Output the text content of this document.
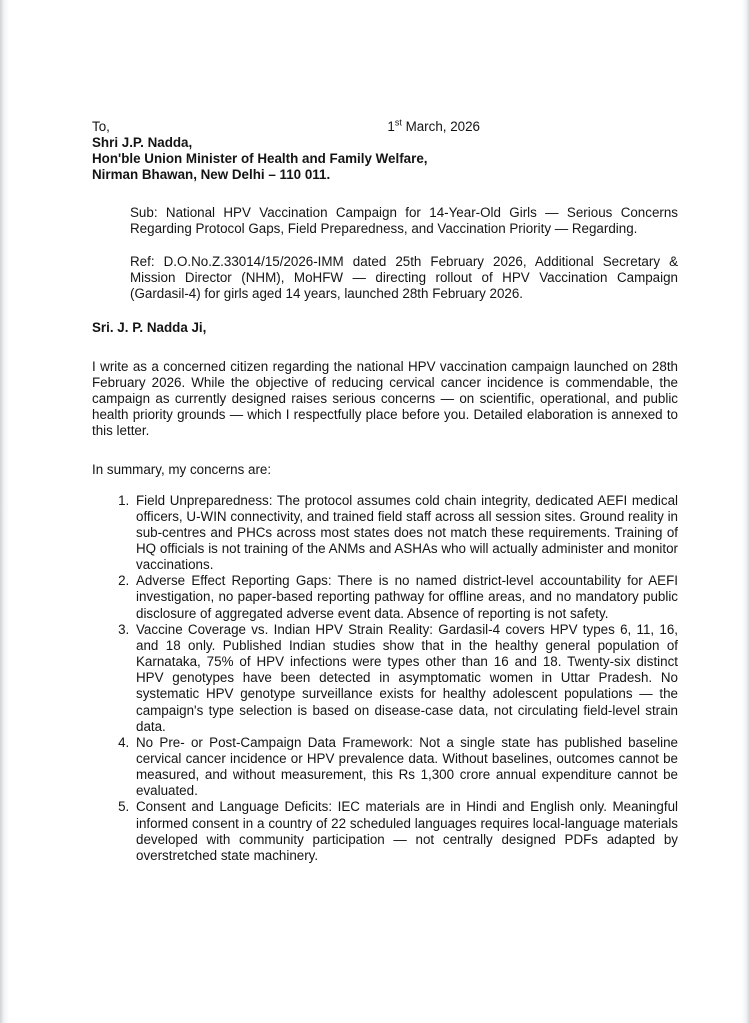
To,	1st March, 2026
Shri J.P. Nadda,
Hon'ble Union Minister of Health and Family Welfare,
Nirman Bhawan, New Delhi – 110 011.

Sub: National HPV Vaccination Campaign for 14-Year-Old Girls — Serious Concerns Regarding Protocol Gaps, Field Preparedness, and Vaccination Priority — Regarding.

Ref: D.O.No.Z.33014/15/2026-IMM dated 25th February 2026, Additional Secretary & Mission Director (NHM), MoHFW — directing rollout of HPV Vaccination Campaign (Gardasil-4) for girls aged 14 years, launched 28th February 2026.

Sri. J. P. Nadda Ji,

I write as a concerned citizen regarding the national HPV vaccination campaign launched on 28th February 2026. While the objective of reducing cervical cancer incidence is commendable, the campaign as currently designed raises serious concerns — on scientific, operational, and public health priority grounds — which I respectfully place before you. Detailed elaboration is annexed to this letter.

In summary, my concerns are:

1. Field Unpreparedness: The protocol assumes cold chain integrity, dedicated AEFI medical officers, U-WIN connectivity, and trained field staff across all session sites. Ground reality in sub-centres and PHCs across most states does not match these requirements. Training of HQ officials is not training of the ANMs and ASHAs who will actually administer and monitor vaccinations.
2. Adverse Effect Reporting Gaps: There is no named district-level accountability for AEFI investigation, no paper-based reporting pathway for offline areas, and no mandatory public disclosure of aggregated adverse event data. Absence of reporting is not safety.
3. Vaccine Coverage vs. Indian HPV Strain Reality: Gardasil-4 covers HPV types 6, 11, 16, and 18 only. Published Indian studies show that in the healthy general population of Karnataka, 75% of HPV infections were types other than 16 and 18. Twenty-six distinct HPV genotypes have been detected in asymptomatic women in Uttar Pradesh. No systematic HPV genotype surveillance exists for healthy adolescent populations — the campaign's type selection is based on disease-case data, not circulating field-level strain data.
4. No Pre- or Post-Campaign Data Framework: Not a single state has published baseline cervical cancer incidence or HPV prevalence data. Without baselines, outcomes cannot be measured, and without measurement, this Rs 1,300 crore annual expenditure cannot be evaluated.
5. Consent and Language Deficits: IEC materials are in Hindi and English only. Meaningful informed consent in a country of 22 scheduled languages requires local-language materials developed with community participation — not centrally designed PDFs adapted by overstretched state machinery.
